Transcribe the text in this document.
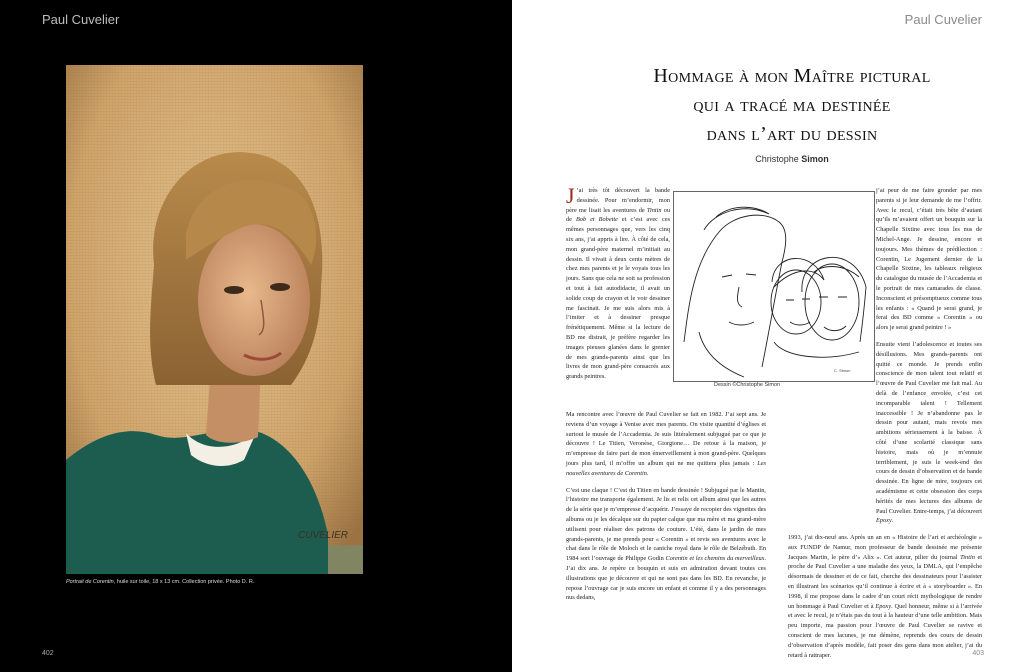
Paul Cuvelier
CUVELIER
Portrait de Corentin, huile sur toile, 18 x 13 cm. Collection privée. Photo D. R.
402
Paul Cuvelier
Hommage à mon Maître pictural
qui a tracé ma destinée
dans l’art du dessin
Christophe Simon
403
C. Simon
Dessin ©Christophe Simon

J ’ai très tôt découvert la bande dessinée. Pour m’endormir, mon père me lisait les aventures de Tintin ou de Bob et Bobette et c’est avec ces mêmes personnages que, vers les cinq six ans, j’ai appris à lire. À côté de cela, mon grand-père maternel m’initiait au dessin. Il vivait à deux cents mètres de chez mes parents et je le voyais tous les jours. Sans que cela ne soit sa profession et tout à fait autodidacte, il avait un solide coup de crayon et le voir dessiner me fascinait. Je me suis alors mis à l’imiter et à dessiner presque frénétiquement. Même si la lecture de BD me distrait, je préfère regarder les images pieuses glanées dans le grenier de mes grands-parents ainsi que les livres de mon grand-père consacrés aux grands peintres.

Ma rencontre avec l’œuvre de Paul Cuvelier se fait en 1982. J’ai sept ans. Je reviens d’un voyage à Venise avec mes parents. On visite quantité d’églises et surtout le musée de l’Accademia. Je suis littéralement subjugué par ce que je découvre ! Le Titien, Veronèse, Giorgione… De retour à la maison, je m’empresse de faire part de mon émerveillement à mon grand-père. Quelques jours plus tard, il m’offre un album qui ne me quittera plus jamais : Les nouvelles aventures de Corentin.

C’est une claque ! C’est du Titien en bande dessinée ! Subjugué par le Mantin, l’histoire me transporte également. Je lis et relis cet album ainsi que les autres de la série que je m’empresse d’acquérir. J’essaye de recopier des vignettes des albums ou je les décalque sur du papier calque que ma mère et ma grand-mère utilisent pour réaliser des patrons de couture. L’été, dans le jardin de mes grands-parents, je me prends pour « Corentin » et revis ses aventures avec le chat dans le rôle de Moloch et le caniche royal dans le rôle de Belzébuth. En 1984 sort l’ouvrage de Philippe Godin Corentin et les chemins du merveilleux. J’ai dix ans. Je repère ce bouquin et suis en admiration devant toutes ces illustrations que je découvre et qui ne sont pas dans les BD. En revanche, je repose l’ouvrage car je suis encore un enfant et comme il y a des personnages nus dedans,

j’ai peur de me faire gronder par mes parents si je leur demande de me l’offrir. Avec le recul, c’était très bête d’autant qu’ils m’avaient offert un bouquin sur la Chapelle Sixtine avec tous les nus de Michel-Ange. Je dessine, encore et toujours. Mes thèmes de prédilection : Corentin, Le Jugement dernier de la Chapelle Sixtine, les tableaux religieux du catalogue du musée de l’Accademia et le portrait de mes camarades de classe. Inconscient et présomptueux comme tous les enfants : « Quand je serai grand, je ferai des BD comme « Corentin » ou alors je serai grand peintre ! »

Ensuite vient l’adolescence et toutes ses désillusions. Mes grands-parents ont quitté ce monde. Je prends enfin conscience de mon talent tout relatif et l’œuvre de Paul Cuvelier me fait mal. Au delà de l’enfance envolée, c’est cet incomparable talent ! Tellement inaccessible ! Je n’abandonne pas le dessin pour autant, mais revois mes ambitions sérieusement à la baisse. À côté d’une scolarité classique sans histoire, mais où je m’ennuie terriblement, je suis le week-end des cours de dessin d’observation et de bande dessinée. En ligne de mire, toujours cet académisme et cette obsession des corps hérités de mes lectures des albums de Paul Cuvelier. Entre-temps, j’ai découvert Epoxy.

1993, j’ai dix-neuf ans. Après un an en « Histoire de l’art et archéologie » aux FUNDP de Namur, mon professeur de bande dessinée me présente Jacques Martin, le père d’« Alix ». Cet auteur, pilier du journal Tintin et proche de Paul Cuvelier a une maladie des yeux, la DMLA, qui l’empêche désormais de dessiner et de ce fait, cherche des dessinateurs pour l’assister en illustrant les scénarios qu’il continue à écrire et à « storyboarder ». En 1998, il me propose dans le cadre d’un court récit mythologique de rendre un hommage à Paul Cuvelier et à Epoxy. Quel honneur, même si à l’arrivée et avec le recul, je n’étais pas du tout à la hauteur d’une telle ambition. Mais peu importe, ma passion pour l’œuvre de Paul Cuvelier se ravive et conscient de mes lacunes, je me démène, reprends des cours de dessin d’observation d’après modèle, fait poser des gens dans mon atelier, j’ai du retard à rattraper.
